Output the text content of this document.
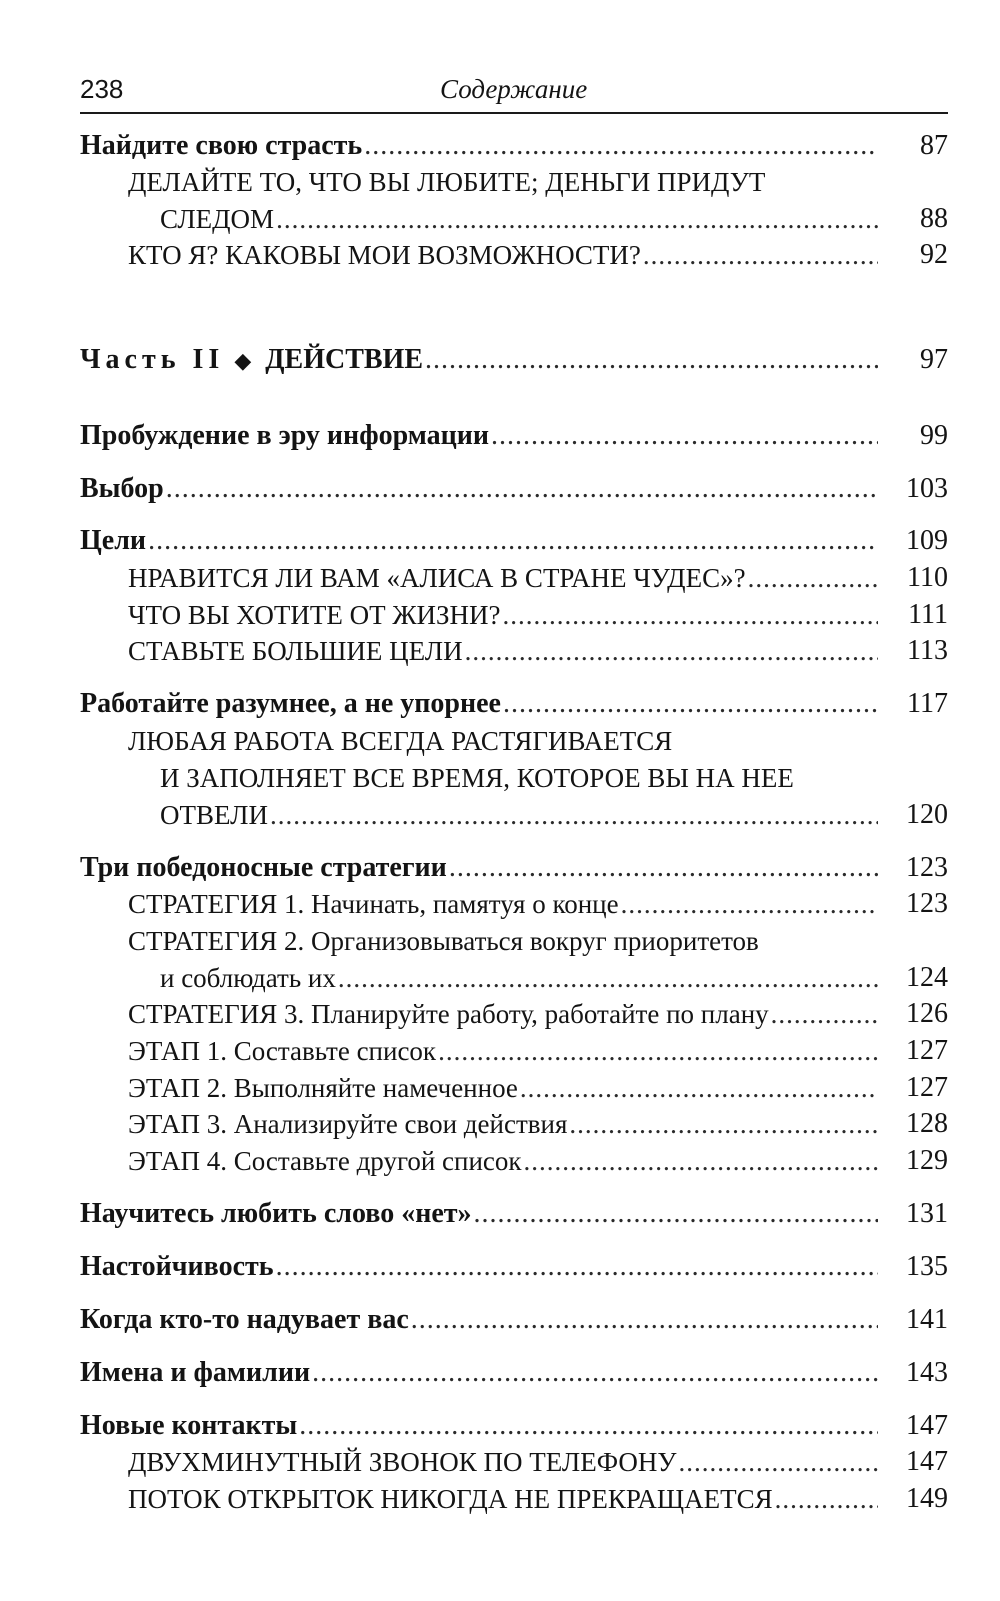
238	Содержание
Найдите свою страсть .....	87
ДЕЛАЙТЕ ТО, ЧТО ВЫ ЛЮБИТЕ; ДЕНЬГИ ПРИДУТ
СЛЕДОМ .....	88
КТО Я? КАКОВЫ МОИ ВОЗМОЖНОСТИ? .....	92
Часть II ◆ ДЕЙСТВИЕ .....	97
Пробуждение в эру информации .....	99
Выбор .....	103
Цели .....	109
НРАВИТСЯ ЛИ ВАМ «АЛИСА В СТРАНЕ ЧУДЕС»? .....	110
ЧТО ВЫ ХОТИТЕ ОТ ЖИЗНИ? .....	111
СТАВЬТЕ БОЛЬШИЕ ЦЕЛИ .....	113
Работайте разумнее, а не упорнее .....	117
ЛЮБАЯ РАБОТА ВСЕГДА РАСТЯГИВАЕТСЯ
И ЗАПОЛНЯЕТ ВСЕ ВРЕМЯ, КОТОРОЕ ВЫ НА НЕЕ
ОТВЕЛИ .....	120
Три победоносные стратегии .....	123
СТРАТЕГИЯ 1. Начинать, памятуя о конце .....	123
СТРАТЕГИЯ 2. Организовываться вокруг приоритетов
и соблюдать их .....	124
СТРАТЕГИЯ 3. Планируйте работу, работайте по плану .....	126
ЭТАП 1. Составьте список .....	127
ЭТАП 2. Выполняйте намеченное .....	127
ЭТАП 3. Анализируйте свои действия .....	128
ЭТАП 4. Составьте другой список .....	129
Научитесь любить слово «нет» .....	131
Настойчивость .....	135
Когда кто-то надувает вас .....	141
Имена и фамилии .....	143
Новые контакты .....	147
ДВУХМИНУТНЫЙ ЗВОНОК ПО ТЕЛЕФОНУ .....	147
ПОТОК ОТКРЫТОК НИКОГДА НЕ ПРЕКРАЩАЕТСЯ .....	149
